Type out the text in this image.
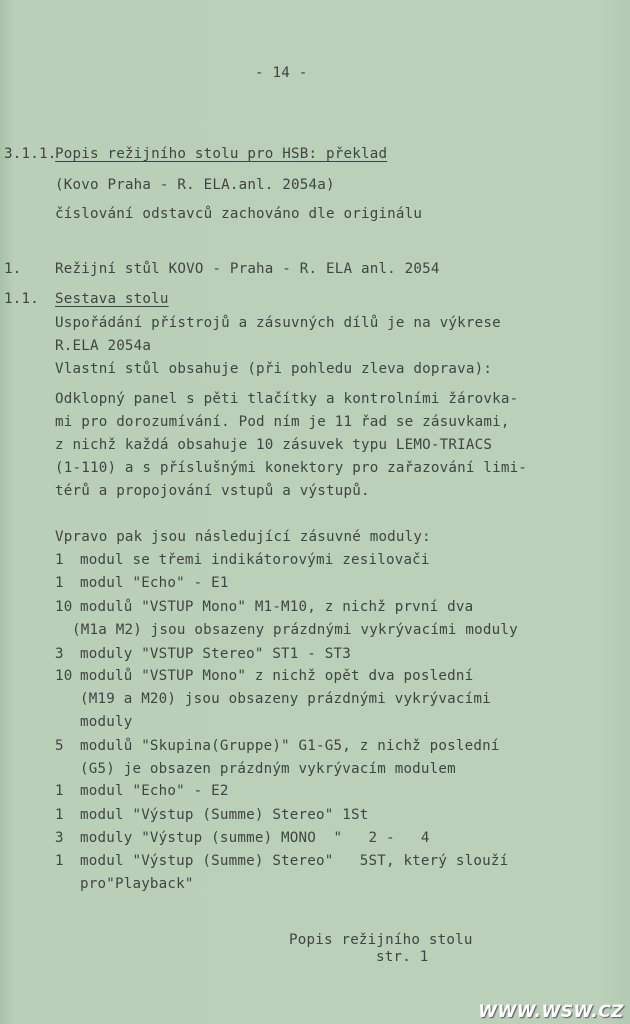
- 14 -
3.1.1.
Popis režijního stolu pro HSB: překlad
(Kovo Praha - R. ELA.anl. 2054a)
číslování odstavců zachováno dle originálu
1. Režijní stůl KOVO - Praha - R. ELA anl. 2054
1.1. Sestava stolu
Uspořádání přístrojů a zásuvných dílů je na výkrese
R.ELA 2054a
Vlastní stůl obsahuje (při pohledu zleva doprava):
Odklopný panel s pěti tlačítky a kontrolními žárovka-
mi pro dorozumívání. Pod ním je 11 řad se zásuvkami,
z nichž každá obsahuje 10 zásuvek typu LEMO-TRIACS
(1-110) a s příslušnými konektory pro zařazování limi-
térů a propojování vstupů a výstupů.
Vpravo pak jsou následující zásuvné moduly:
1 modul se třemi indikátorovými zesilovači
1 modul "Echo" - E1
10 modulů "VSTUP Mono" M1-M10, z nichž první dva
(M1a M2) jsou obsazeny prázdnými vykrývacími moduly
3 moduly "VSTUP Stereo" ST1 - ST3
10 modulů "VSTUP Mono" z nichž opět dva poslední
(M19 a M20) jsou obsazeny prázdnými vykrývacími
moduly
5 modulů "Skupina(Gruppe)" G1-G5, z nichž poslední
(G5) je obsazen prázdným vykrývacím modulem
1 modul "Echo" - E2
1 modul "Výstup (Summe) Stereo" 1St
3 moduly "Výstup (summe) MONO  "   2 -   4
1 modul "Výstup (Summe) Stereo"   5ST, který slouží
pro"Playback"
Popis režijního stolu
str. 1
WWW.WSW.CZ
